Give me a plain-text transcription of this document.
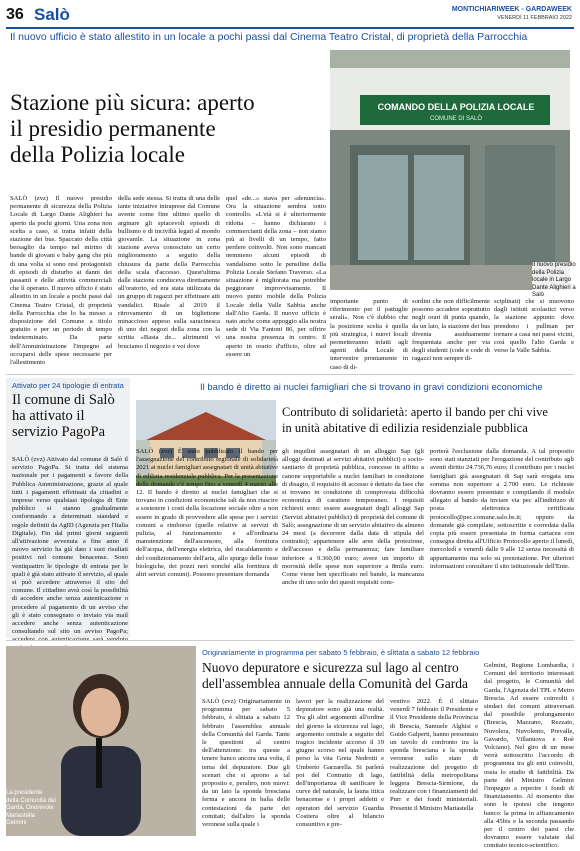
36 Salò	MONTICHIARIWEEK - GARDAWEEK
VENERDÌ 11 FEBBRAIO 2022
Il nuovo ufficio è stato allestito in un locale a pochi passi dal Cinema Teatro Cristal, di proprietà della Parrocchia
Stazione più sicura: aperto
il presidio permanente
della Polizia locale
COMANDO DELLA POLIZIA LOCALE
COMUNE DI SALÒ
Il nuovo presidio della Polizia locale in Largo Dante Alighieri a Salò

SALÒ (zvz) Il nuovo presidio permanente di sicurezza della Polizia Locale di Largo Dante Alighieri ha aperto da pochi giorni. Una zona non scelta a caso, si tratta infatti della stazione dei bus. Spaccato della città bersaglio da tempo nel mirino di bande di giovani e baby gang che più di una volta si sono resi protagonisti di episodi di disturbo ai danni dei passanti e delle attività commerciali che lì operano. Il nuovo ufficio è stato allestito in un locale a pochi passi dal Cinema Teatro Cristal, di proprietà della Parrocchia che lo ha messo a disposizione del Comune a titolo gratuito e per un periodo di tempo indeterminato. Da parte dell'Amministrazione l'impegno ad occuparsi delle spese necessarie per l'allestimento

della sede stessa. Si tratta di una delle tante iniziative intraprese dal Comune avente come fine ultimo quello di arginare gli spiacevoli episodi di bullismo e di inciviltà legati al mondo giovanile. La situazione in zona stazione aveva conosciuto un certo miglioramento a seguito della chiusura da parte della Parrocchia della scala d'accesso. Quest'ultima dalle stazione conduceva direttamente all'oratorio, ed era stata utilizzata da un gruppo di ragazzi per effettuare atti vandalici. Risale al 2019 il ritrovamento di un bigliettone minaccioso appeso sulla saracinesca di uno dei negozi della zona con la scritta «Basta de... altrimenti vi bruciamo il negozio e voi dove

quel «de...» stava per «denuncia». Ora la situazione sembra sotto controllo. «L'età si è ulteriormente ridotta – hanno dichiarato i commercianti della zona – non siamo più ai livelli di un tempo, fatto perdere coinvolti. Non sono mancati nemmeno alcuni episodi di vandalismo sotto le pensiline della Polizia Locale Stefano Traverso. «La situazione è migliorata ma potrebbe peggiorare improvvisamente. Il nuovo punto mobile della Polizia Locale della Valle Sabbia anche dall'Alto Garda. Il nuovo ufficio è nato anche come appoggio alla nostra sede di Via Fantoni 86, per offrire una nostra presenza in centro. Il aperto in orario d'ufficio, oltre ad essere un

importante punto di riferimento per il pattuglie serali». Non c'è dubbio che la posizione scelta è quella più strategica, i nuovi locali permetteranno infatti agli agenti della Locale di intervenire prontamente in caso di di-

sordini che non difficilmente possono accadere soprattutto negli orari di punta quando, da un lato, la stazione dei bus diventa assiduamente frequentata anche per via degli studenti (code e code di ragazzi non sempre di-

sciplinati) che si muovono dagli istituti scolastici verso la stazione appunto dove prendono i pullman per tornare a casa nei paesi vicini, così quello l'alto Garda e verso la Valle Sabbia.

Attivato per 24 tipologie di entrata
Il comune di Salò ha attivato il servizio PagoPa

SALÒ (zvz) Attivato dal comune di Salò il servizio PagoPa. Si tratta del sistema nazionale per i pagamenti a favore della Pubblica Amministrazione, grazie al quale tutti i pagamenti effettuati da cittadini e imprese verso qualsiasi tipologia di Ente pubblico si stanno gradualmente conformando a determinati standard e regole definiti da AgID (Agenzia per l'Italia Digitale). Fin dal primi giorni seguenti all'attivazione avvenuta a fine anno il nuovo servizio ha già dato i suoi risultati positivi nel comune benacense. Sono ventiquattro le tipologie di entrata per le quali è già stato attivato il servizio, al quale si può accedere attraverso il sito del comune. Il cittadino avrà così la possibilità di accedere anche senza autenticazione o procedere al pagamento di un avviso che gli è stato consegnato o inviato via mail accedere anche senza autenticazione consultando sul sito un avviso PagoPa;

Il bando è diretto ai nuclei famigliari che si trovano in gravi condizioni economiche
Contributo di solidarietà: aperto il bando per chi vive
in unità abitative di edilizia residenziale pubblica

SALÒ (zvz) È stato pubblicato il bando per l'assegnazione del contributo regionale di solidarietà 2021 ai nuclei famigliari assegnatari di unità abitative di edilizia residenziale pubblica. Per la presentazione delle domande c'è tempo fino a venerdì 4 marzo alle 12. Il bando è diretto ai nuclei famigliari che si trovano in condizioni economiche tali da non riuscire a sostenere i costi della locazione sociale oltre a non essere in grado di provvedere alle spese per i servizi comuni a rimborso (quelle relative ai servizi di pulizia, al funzionamento e all'ordinaria manutenzione dell'ascensore, alla fornitura dell'acqua, dell'energia elettrica, del riscaldamento e del condizionamento dell'aria, allo spurgo delle fosse biologiche, dei pozzi neri nonché alla fornitura di altri servizi comuni). Possono presentare domanda

gli inquilini assegnatari di un alloggio Sap (gli alloggi destinati ai servizi abitativi pubblici) o socio-sanitario di proprietà pubblica, concesse in affitto a canone sopportabile a nuclei familiari in condizione di disagio, il requisito di accesso è dettato da Isee che si trovano in condizione di comprovata difficoltà economica di carattere temporaneo. I requisiti richiesti sono: essere assegnatari degli alloggi Sap (Servizi abitativi pubblici) di proprietà del comune di Salò; assegnazione di un servizio abitativo da almeno 24 mesi (a decorrere dalla data di stipula del contratto); appartenere alle aree della protezione, dell'accesso e della permanenza; fare familiare inferiore a 9.360,00 euro; avere un importo di morosità delle spese non superiore a 8mila euro. Come viene ben specificato nel bando, la mancanza anche di uno solo dei questi requisiti com-

porterà l'esclusione dalla domanda. A tal proposito sono stati stanziati per l'erogazione del contributo agli aventi diritto 24.736,76 euro; il contributo per i nuclei famigliari già assegnatari di Sap sarà erogata una somma non superiore a 2.700 euro. Le richieste dovranno essere presentate e compilando il modulo allegato al bando da inviare via pec all'indirizzo di posta elettronica certificata protocollo@pec.comune.salo.bs.it; oppure da domande già compilate, sottoscritte e corredata dalla copia più essere presentata in forma cartacea con consegna diretta all'Ufficio Protocollo aperto il lunedì, mercoledì e venerdì dalle 9 alle 12 senza necessità di appuntamento ma solo su prenotazione. Per ulteriori informazioni consultare il sito istituzionale dell'Ente.

La presidente della Comunità del Garda, Onorevole Mariastella Gelmini
Originariamente in programma per sabato 5 febbraio, è slittata a sabato 12 febbraio
Nuovo depuratore e sicurezza sul lago al centro
dell'assemblea annuale della Comunità del Garda

SALÒ (zvz) Originariamente in programma per sabato 5 febbraio, è slittata a sabato 12 febbraio l'assemblea annuale della Comunità del Garda. Tante le questioni al centro dell'attenzione: tra queste a tenere banco ancora una volta, il tema del depuratore. Due gli scenari che si aprono a tal proposito e, peraltro, non nuovi: da un lato la sponda bresciana ferma e ancora in balìa delle contestazioni da parte dei comitati; dall'altro la sponda veronese sulla quale i

lavori per la realizzazione del depuratore sono già una realtà. Tra gli altri argomenti all'ordine del giorno la sicurezza sul lago, argomento centrale a seguito del tragico incidente accorso il 19 giugno scorso nel quale hanno perso la vita Greta Nedrotti e Umberto Garzarella. Si parlerà poi del Contratto di lago, dell'importanza di sanificare le curve del naturale, la fauna ittica benacense e i propri addetti e operatori del servizio Guardia Costiera oltre al bilancio consuntivo e pre-

ventivo 2022. È il slittato venerdì 7 febbraio il Presidente e il Vice Presidente della Provincia di Brescia, Samuele Alghisi e Guido Galperti, hanno presentato un tavolo di confronto tra la sponda bresciana e la sponda veronese sullo stato di realizzazione del progetto di fattibilità della metropolitana leggera Brescia-Sirmione, da realizzare con i finanziamenti del Pnrr e dei fondi ministeriali. Presente il Ministro Mariastella

Gelmini, Regione Lombardia, i Comuni del territorio interessati dal progetto, le Comunità del Garda, l'Agenzia del TPL e Metro Brescia. Ad essere coinvolti i sindaci dei comuni attraversati dal possibile prolungamento (Brescia, Mazzano, Rezzato, Nuvolera, Nuvolento, Prevalle, Gavardo, Villanuova e Roè Volciano). Nel giro di un mese verrà sottoscritto l'accordo di programma tra gli enti coinvolti, ossia lo studio di fattibilità. Da parte del Ministro Gelmini l'impegno a reperire i fondi di finanziamento. Al momento due sono le ipotesi che tengono banco: la prima in affiancamento alla 45bis e la seconda passando per il centro dei paesi che dovranno essere valutate dal comitato tecnico-scientifico.
